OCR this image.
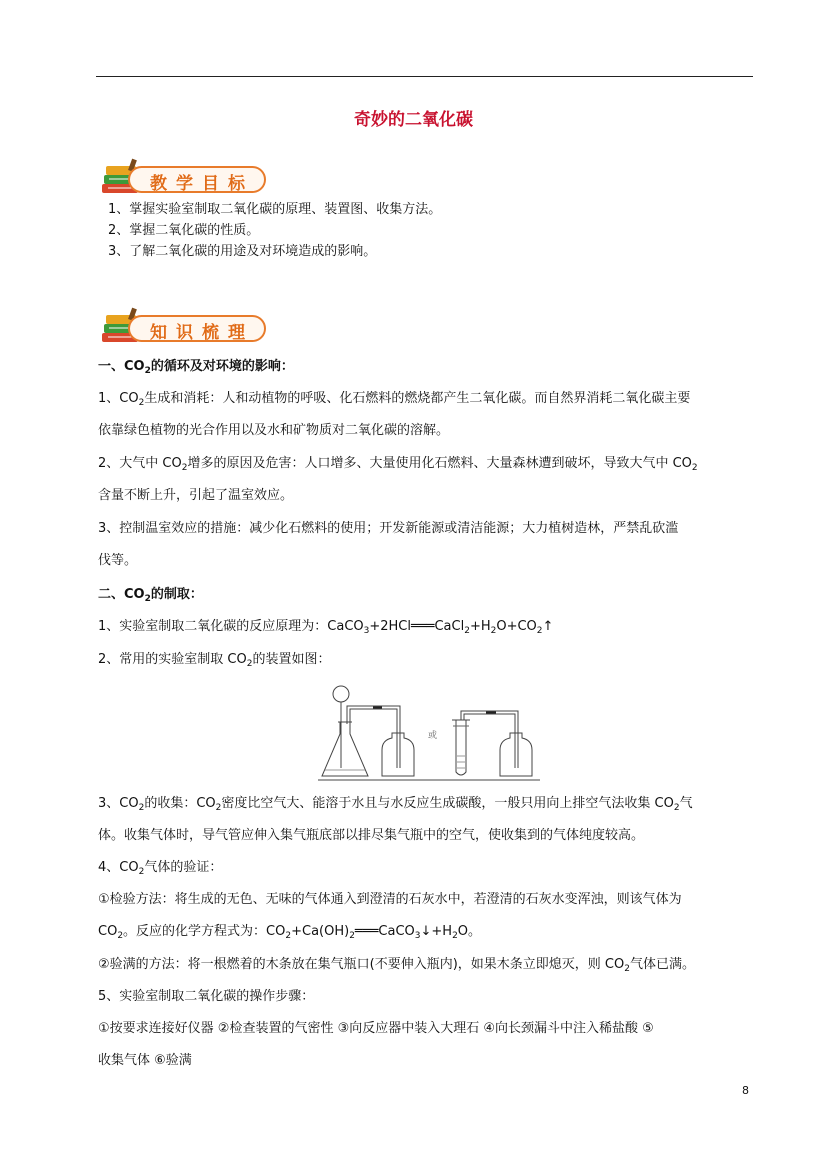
奇妙的二氧化碳
教学目标
1、掌握实验室制取二氧化碳的原理、装置图、收集方法。
2、掌握二氧化碳的性质。
3、了解二氧化碳的用途及对环境造成的影响。
知识梳理
一、$CO_2$的循环及对环境的影响：
1、$CO_2$生成和消耗：人和动植物的呼吸、化石燃料的燃烧都产生二氧化碳。而自然界消耗二氧化碳主要
依靠绿色植物的光合作用以及水和矿物质对二氧化碳的溶解。
2、大气中 $CO_2$增多的原因及危害：人口增多、大量使用化石燃料、大量森林遭到破坏，导致大气中 $CO_2$
含量不断上升，引起了温室效应。
3、控制温室效应的措施：减少化石燃料的使用；开发新能源或清洁能源；大力植树造林，严禁乱砍滥
伐等。
二、$CO_2$的制取：
1、实验室制取二氧化碳的反应原理为：$CaCO_3+2HCl═══CaCl_2+H_2O+CO_2↑$
2、常用的实验室制取 $CO_2$的装置如图：
或
3、$CO_2$的收集：$CO_2$密度比空气大、能溶于水且与水反应生成碳酸，一般只用向上排空气法收集 $CO_2$气
体。收集气体时，导气管应伸入集气瓶底部以排尽集气瓶中的空气，使收集到的气体纯度较高。
4、$CO_2$气体的验证：
①检验方法：将生成的无色、无味的气体通入到澄清的石灰水中，若澄清的石灰水变浑浊，则该气体为
$CO_2$。反应的化学方程式为：$CO_2+Ca(OH)_2═══CaCO_3↓+H_2O$。
②验满的方法：将一根燃着的木条放在集气瓶口(不要伸入瓶内)，如果木条立即熄灭，则 $CO_2$气体已满。
5、实验室制取二氧化碳的操作步骤：
①按要求连接好仪器 ②检查装置的气密性 ③向反应器中装入大理石 ④向长颈漏斗中注入稀盐酸 ⑤
收集气体 ⑥验满
8
